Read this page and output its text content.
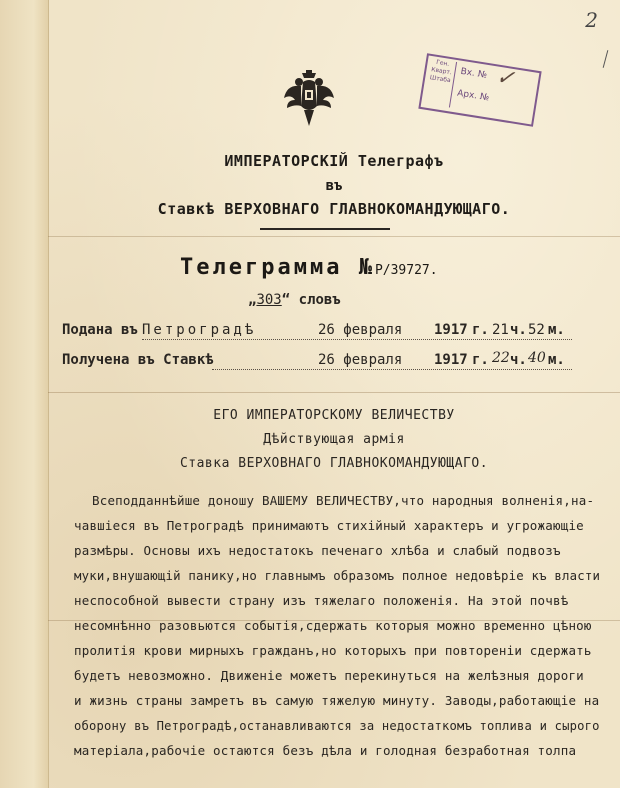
2
Ген. Кварт. Штаба Вх. №
Арх. №
✓
ИМПЕРАТОРСКІЙ Телеграфъ
въ
Ставкѣ ВЕРХОВНАГО ГЛАВНОКОМАНДУЮЩАГО.
Телеграмма №Р/39727.
„303“ словъ
Подана въ Петроградѣ	26 февраля 1917 г. 21 ч. 52 м.
Получена въ Ставкѣ	26 февраля 1917 г. 22 ч. 40 м.
ЕГО ИМПЕРАТОРСКОМУ ВЕЛИЧЕСТВУ
Дѣйствующая армія
Ставка ВЕРХОВНАГО ГЛАВНОКОМАНДУЮЩАГО.
Всеподданнѣйше доношу ВАШЕМУ ВЕЛИЧЕСТВУ,что народныя волненія,на-
чавшіеся въ Петроградѣ принимаютъ стихійный характеръ и угрожающіе
размѣры. Основы ихъ недостатокъ печенаго хлѣба и слабый подвозъ
муки,внушающій панику,но главнымъ образомъ полное недовѣріе къ власти
неспособной вывести страну изъ тяжелаго положенія. На этой почвѣ
несомнѣнно разовьются событія,сдержать которыя можно временно цѣною
пролитія крови мирныхъ гражданъ,но которыхъ при повтореніи сдержать
будетъ невозможно. Движеніе можетъ перекинуться на желѣзныя дороги
и жизнь страны замретъ въ самую тяжелую минуту. Заводы,работающіе на
оборону въ Петроградѣ,останавливаются за недостаткомъ топлива и сырого
матеріала,рабочіе остаются безъ дѣла и голодная безработная толпа
